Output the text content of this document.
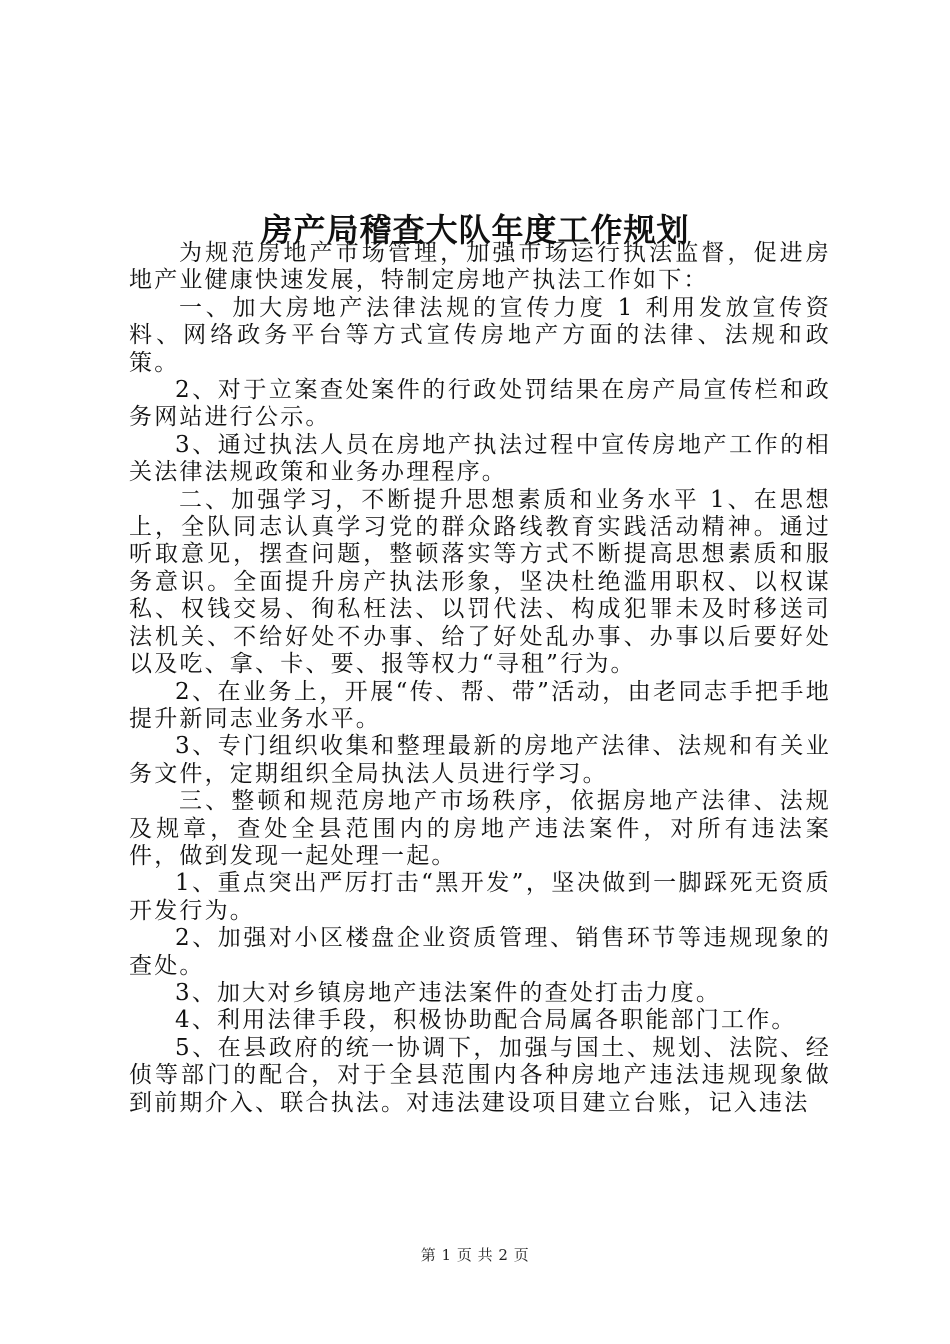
房产局稽查大队年度工作规划

为规范房地产市场管理，加强市场运行执法监督，促进房地产业健康快速发展，特制定房地产执法工作如下：

一、加大房地产法律法规的宣传力度 1 利用发放宣传资料、网络政务平台等方式宣传房地产方面的法律、法规和政策。

2、对于立案查处案件的行政处罚结果在房产局宣传栏和政务网站进行公示。

3、通过执法人员在房地产执法过程中宣传房地产工作的相关法律法规政策和业务办理程序。

二、加强学习，不断提升思想素质和业务水平 1、在思想上，全队同志认真学习党的群众路线教育实践活动精神。通过听取意见，摆查问题，整顿落实等方式不断提高思想素质和服务意识。全面提升房产执法形象，坚决杜绝滥用职权、以权谋私、权钱交易、徇私枉法、以罚代法、构成犯罪未及时移送司法机关、不给好处不办事、给了好处乱办事、办事以后要好处以及吃、拿、卡、要、报等权力“寻租”行为。

2、在业务上，开展“传、帮、带”活动，由老同志手把手地提升新同志业务水平。

3、专门组织收集和整理最新的房地产法律、法规和有关业务文件，定期组织全局执法人员进行学习。

三、整顿和规范房地产市场秩序，依据房地产法律、法规及规章，查处全县范围内的房地产违法案件，对所有违法案件，做到发现一起处理一起。

1、重点突出严厉打击“黑开发”，坚决做到一脚踩死无资质开发行为。

2、加强对小区楼盘企业资质管理、销售环节等违规现象的查处。

3、加大对乡镇房地产违法案件的查处打击力度。

4、利用法律手段，积极协助配合局属各职能部门工作。

5、在县政府的统一协调下，加强与国土、规划、法院、经侦等部门的配合，对于全县范围内各种房地产违法违规现象做到前期介入、联合执法。对违法建设项目建立台账，记入违法

第 1 页 共 2 页
